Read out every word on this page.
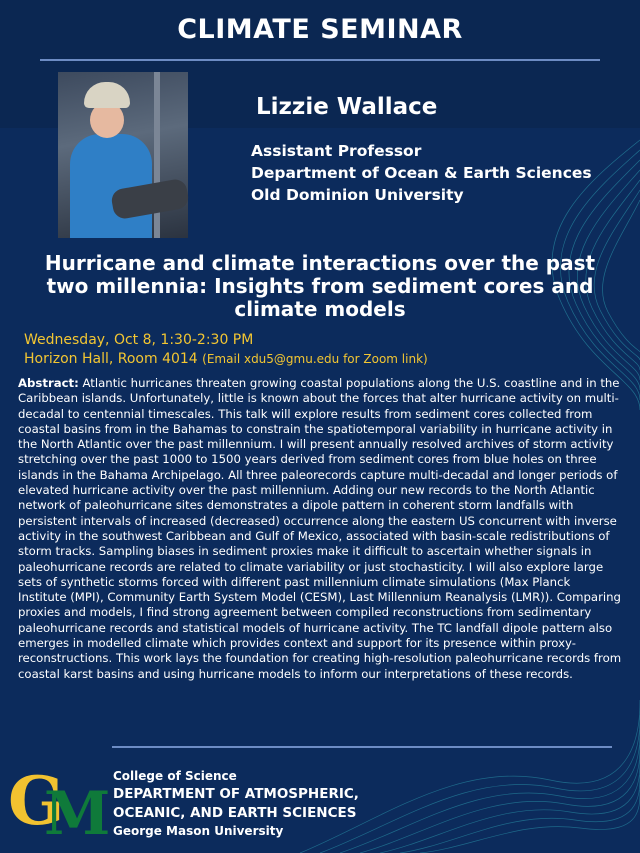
CLIMATE SEMINAR
Lizzie Wallace
Assistant Professor
Department of Ocean & Earth Sciences
Old Dominion University
Hurricane and climate interactions over the past
two millennia: Insights from sediment cores and
climate models
Wednesday, Oct 8, 1:30-2:30 PM
Horizon Hall, Room 4014 (Email xdu5@gmu.edu for Zoom link)
Abstract: Atlantic hurricanes threaten growing coastal populations along the U.S. coastline and in the Caribbean islands. Unfortunately, little is known about the forces that alter hurricane activity on multi-decadal to centennial timescales. This talk will explore results from sediment cores collected from coastal basins from in the Bahamas to constrain the spatiotemporal variability in hurricane activity in the North Atlantic over the past millennium. I will present annually resolved archives of storm activity stretching over the past 1000 to 1500 years derived from sediment cores from blue holes on three islands in the Bahama Archipelago. All three paleorecords capture multi-decadal and longer periods of elevated hurricane activity over the past millennium. Adding our new records to the North Atlantic network of paleohurricane sites demonstrates a dipole pattern in coherent storm landfalls with persistent intervals of increased (decreased) occurrence along the eastern US concurrent with inverse activity in the southwest Caribbean and Gulf of Mexico, associated with basin-scale redistributions of storm tracks. Sampling biases in sediment proxies make it difficult to ascertain whether signals in paleohurricane records are related to climate variability or just stochasticity. I will also explore large sets of synthetic storms forced with different past millennium climate simulations (Max Planck Institute (MPI), Community Earth System Model (CESM), Last Millennium Reanalysis (LMR)). Comparing proxies and models, I find strong agreement between compiled reconstructions from sedimentary paleohurricane records and statistical models of hurricane activity. The TC landfall dipole pattern also emerges in modelled climate which provides context and support for its presence within proxy-reconstructions. This work lays the foundation for creating high-resolution paleohurricane records from coastal karst basins and using hurricane models to inform our interpretations of these records.
G
M
College of Science
DEPARTMENT OF ATMOSPHERIC,
OCEANIC, AND EARTH SCIENCES
George Mason University
